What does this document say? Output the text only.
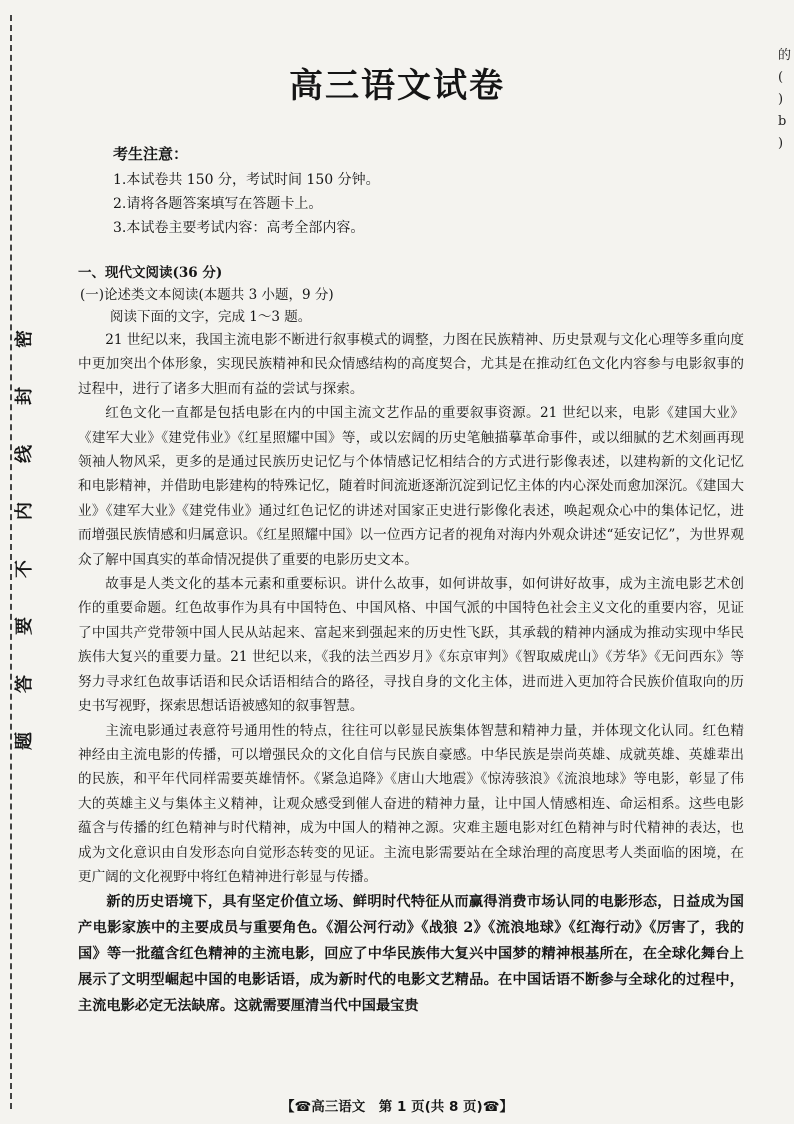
密
封
线
内
不
要
答
题
的
(
)
b
)
高三语文试卷
考生注意：
1.本试卷共 150 分，考试时间 150 分钟。
2.请将各题答案填写在答题卡上。
3.本试卷主要考试内容：高考全部内容。
一、现代文阅读(36 分)
(一)论述类文本阅读(本题共 3 小题，9 分)
阅读下面的文字，完成 1～3 题。

21 世纪以来，我国主流电影不断进行叙事模式的调整，力图在民族精神、历史景观与文化心理等多重向度中更加突出个体形象，实现民族精神和民众情感结构的高度契合，尤其是在推动红色文化内容参与电影叙事的过程中，进行了诸多大胆而有益的尝试与探索。

红色文化一直都是包括电影在内的中国主流文艺作品的重要叙事资源。21 世纪以来，电影《建国大业》《建军大业》《建党伟业》《红星照耀中国》等，或以宏阔的历史笔触描摹革命事件，或以细腻的艺术刻画再现领袖人物风采，更多的是通过民族历史记忆与个体情感记忆相结合的方式进行影像表述，以建构新的文化记忆和电影精神，并借助电影建构的特殊记忆，随着时间流逝逐渐沉淀到记忆主体的内心深处而愈加深沉。《建国大业》《建军大业》《建党伟业》通过红色记忆的讲述对国家正史进行影像化表述，唤起观众心中的集体记忆，进而增强民族情感和归属意识。《红星照耀中国》以一位西方记者的视角对海内外观众讲述“延安记忆”，为世界观众了解中国真实的革命情况提供了重要的电影历史文本。

故事是人类文化的基本元素和重要标识。讲什么故事，如何讲故事，如何讲好故事，成为主流电影艺术创作的重要命题。红色故事作为具有中国特色、中国风格、中国气派的中国特色社会主义文化的重要内容，见证了中国共产党带领中国人民从站起来、富起来到强起来的历史性飞跃，其承载的精神内涵成为推动实现中华民族伟大复兴的重要力量。21 世纪以来，《我的法兰西岁月》《东京审判》《智取威虎山》《芳华》《无问西东》等努力寻求红色故事话语和民众话语相结合的路径，寻找自身的文化主体，进而进入更加符合民族价值取向的历史书写视野，探索思想话语被感知的叙事智慧。

主流电影通过表意符号通用性的特点，往往可以彰显民族集体智慧和精神力量，并体现文化认同。红色精神经由主流电影的传播，可以增强民众的文化自信与民族自豪感。中华民族是崇尚英雄、成就英雄、英雄辈出的民族，和平年代同样需要英雄情怀。《紧急追降》《唐山大地震》《惊涛骇浪》《流浪地球》等电影，彰显了伟大的英雄主义与集体主义精神，让观众感受到催人奋进的精神力量，让中国人情感相连、命运相系。这些电影蕴含与传播的红色精神与时代精神，成为中国人的精神之源。灾难主题电影对红色精神与时代精神的表达，也成为文化意识由自发形态向自觉形态转变的见证。主流电影需要站在全球治理的高度思考人类面临的困境，在更广阔的文化视野中将红色精神进行彰显与传播。

新的历史语境下，具有坚定价值立场、鲜明时代特征从而赢得消费市场认同的电影形态，日益成为国产电影家族中的主要成员与重要角色。《湄公河行动》《战狼 2》《流浪地球》《红海行动》《厉害了，我的国》等一批蕴含红色精神的主流电影，回应了中华民族伟大复兴中国梦的精神根基所在，在全球化舞台上展示了文明型崛起中国的电影话语，成为新时代的电影文艺精品。在中国话语不断参与全球化的过程中，主流电影必定无法缺席。这就需要厘清当代中国最宝贵

【☎高三语文　第 1 页(共 8 页)☎】
